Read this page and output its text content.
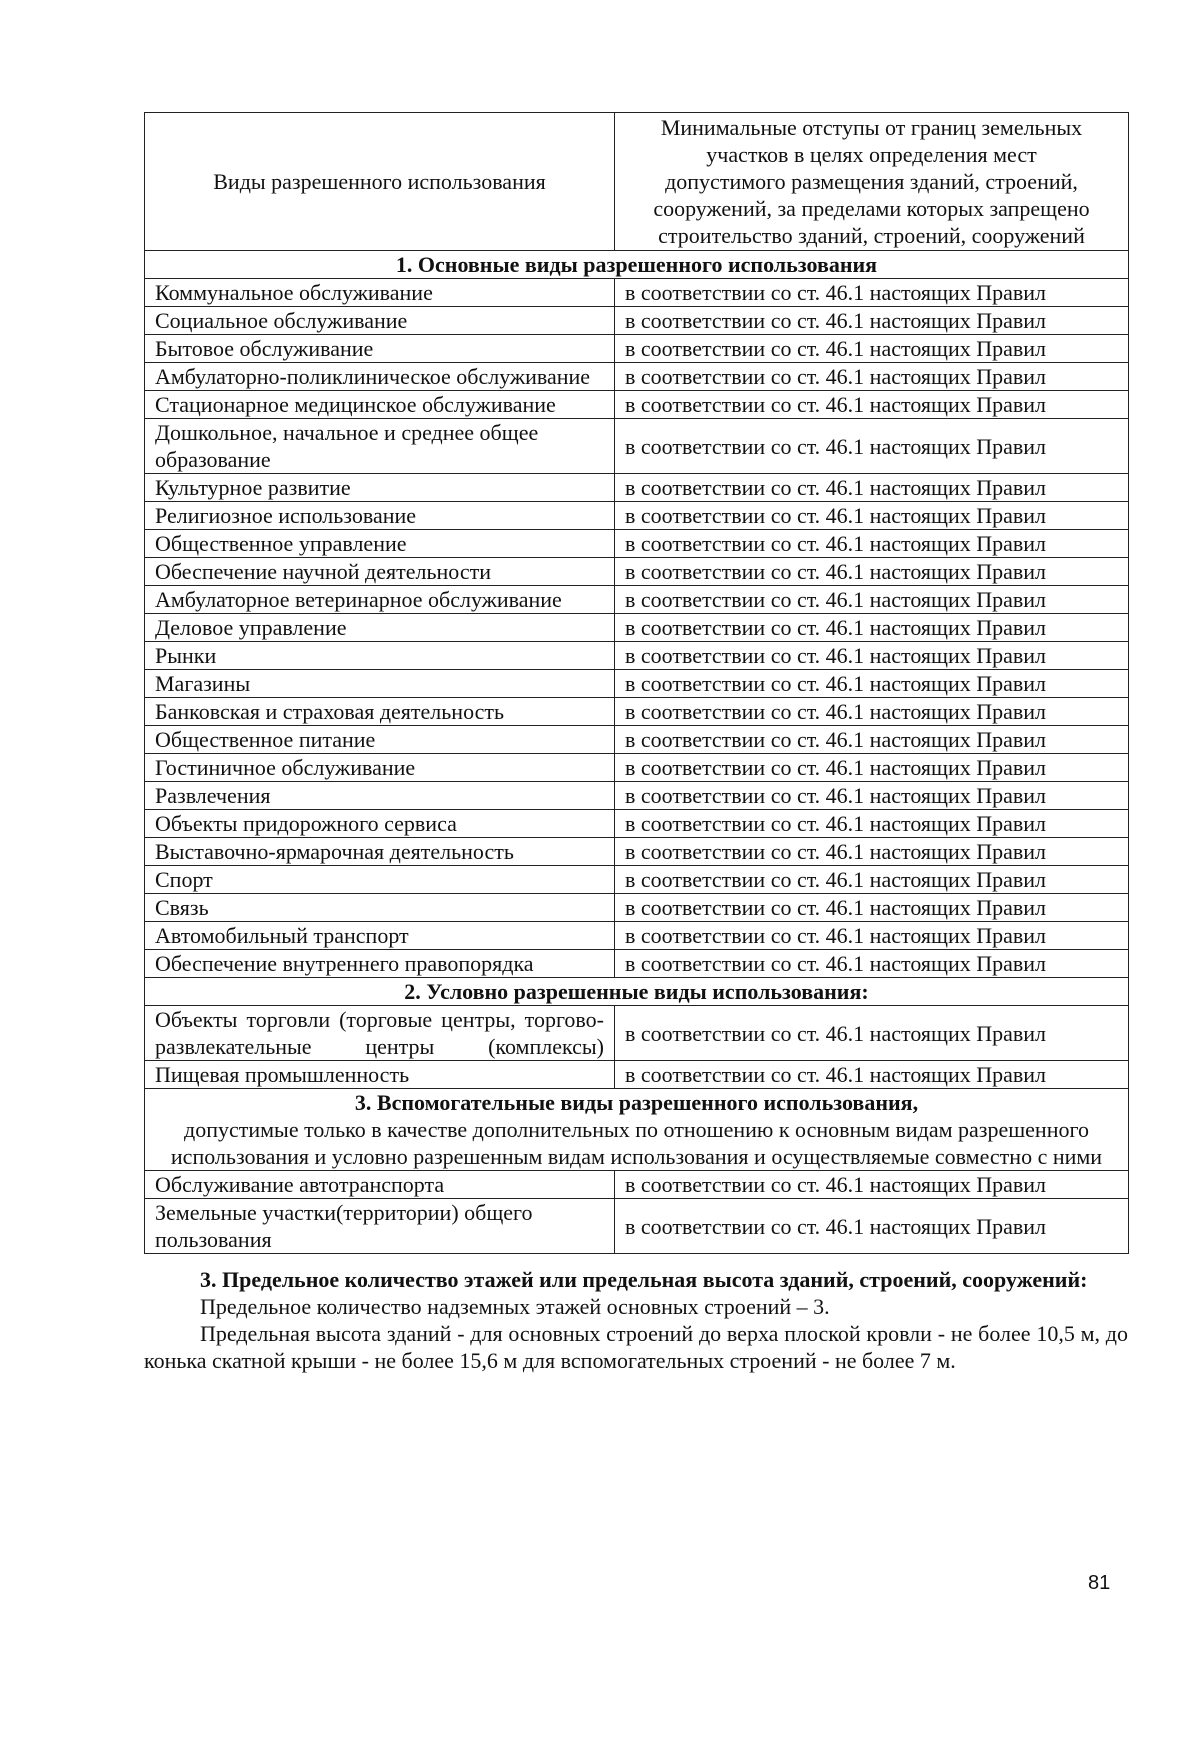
Виды разрешенного использования	Минимальные отступы от границ земельных
участков в целях определения мест
допустимого размещения зданий, строений,
сооружений, за пределами которых запрещено
строительство зданий, строений, сооружений

1. Основные виды разрешенного использования	
Коммунальное обслуживание	в соответствии со ст. 46.1 настоящих Правил
Социальное обслуживание	в соответствии со ст. 46.1 настоящих Правил
Бытовое обслуживание	в соответствии со ст. 46.1 настоящих Правил
Амбулаторно-поликлиническое обслуживание	в соответствии со ст. 46.1 настоящих Правил
Стационарное медицинское обслуживание	в соответствии со ст. 46.1 настоящих Правил
Дошкольное, начальное и среднее общее образование	в соответствии со ст. 46.1 настоящих Правил
Культурное развитие	в соответствии со ст. 46.1 настоящих Правил
Религиозное использование	в соответствии со ст. 46.1 настоящих Правил
Общественное управление	в соответствии со ст. 46.1 настоящих Правил
Обеспечение научной деятельности	в соответствии со ст. 46.1 настоящих Правил
Амбулаторное ветеринарное обслуживание	в соответствии со ст. 46.1 настоящих Правил
Деловое управление	в соответствии со ст. 46.1 настоящих Правил
Рынки	в соответствии со ст. 46.1 настоящих Правил
Магазины	в соответствии со ст. 46.1 настоящих Правил
Банковская и страховая деятельность	в соответствии со ст. 46.1 настоящих Правил
Общественное питание	в соответствии со ст. 46.1 настоящих Правил
Гостиничное обслуживание	в соответствии со ст. 46.1 настоящих Правил
Развлечения	в соответствии со ст. 46.1 настоящих Правил
Объекты придорожного сервиса	в соответствии со ст. 46.1 настоящих Правил
Выставочно-ярмарочная деятельность	в соответствии со ст. 46.1 настоящих Правил
Спорт	в соответствии со ст. 46.1 настоящих Правил
Связь	в соответствии со ст. 46.1 настоящих Правил
Автомобильный транспорт	в соответствии со ст. 46.1 настоящих Правил
Обеспечение внутреннего правопорядка	в соответствии со ст. 46.1 настоящих Правил
2. Условно разрешенные виды использования:	
Объекты торговли (торговые центры, торгово-развлекательные центры (комплексы)	в соответствии со ст. 46.1 настоящих Правил
Пищевая промышленность	в соответствии со ст. 46.1 настоящих Правил
3. Вспомогательные виды разрешенного использования,
допустимые только в качестве дополнительных по отношению к основным видам разрешенного использования и условно разрешенным видам использования и осуществляемые совместно с ними	

Обслуживание автотранспорта	в соответствии со ст. 46.1 настоящих Правил
Земельные участки(территории) общего пользования	в соответствии со ст. 46.1 настоящих Правил
3. Предельное количество этажей или предельная высота зданий, строений, сооружений:

Предельное количество надземных этажей основных строений – 3.

Предельная высота зданий - для основных строений до верха плоской кровли - не более 10,5 м, до конька скатной крыши - не более 15,6 м для вспомогательных строений - не более 7 м.

81
